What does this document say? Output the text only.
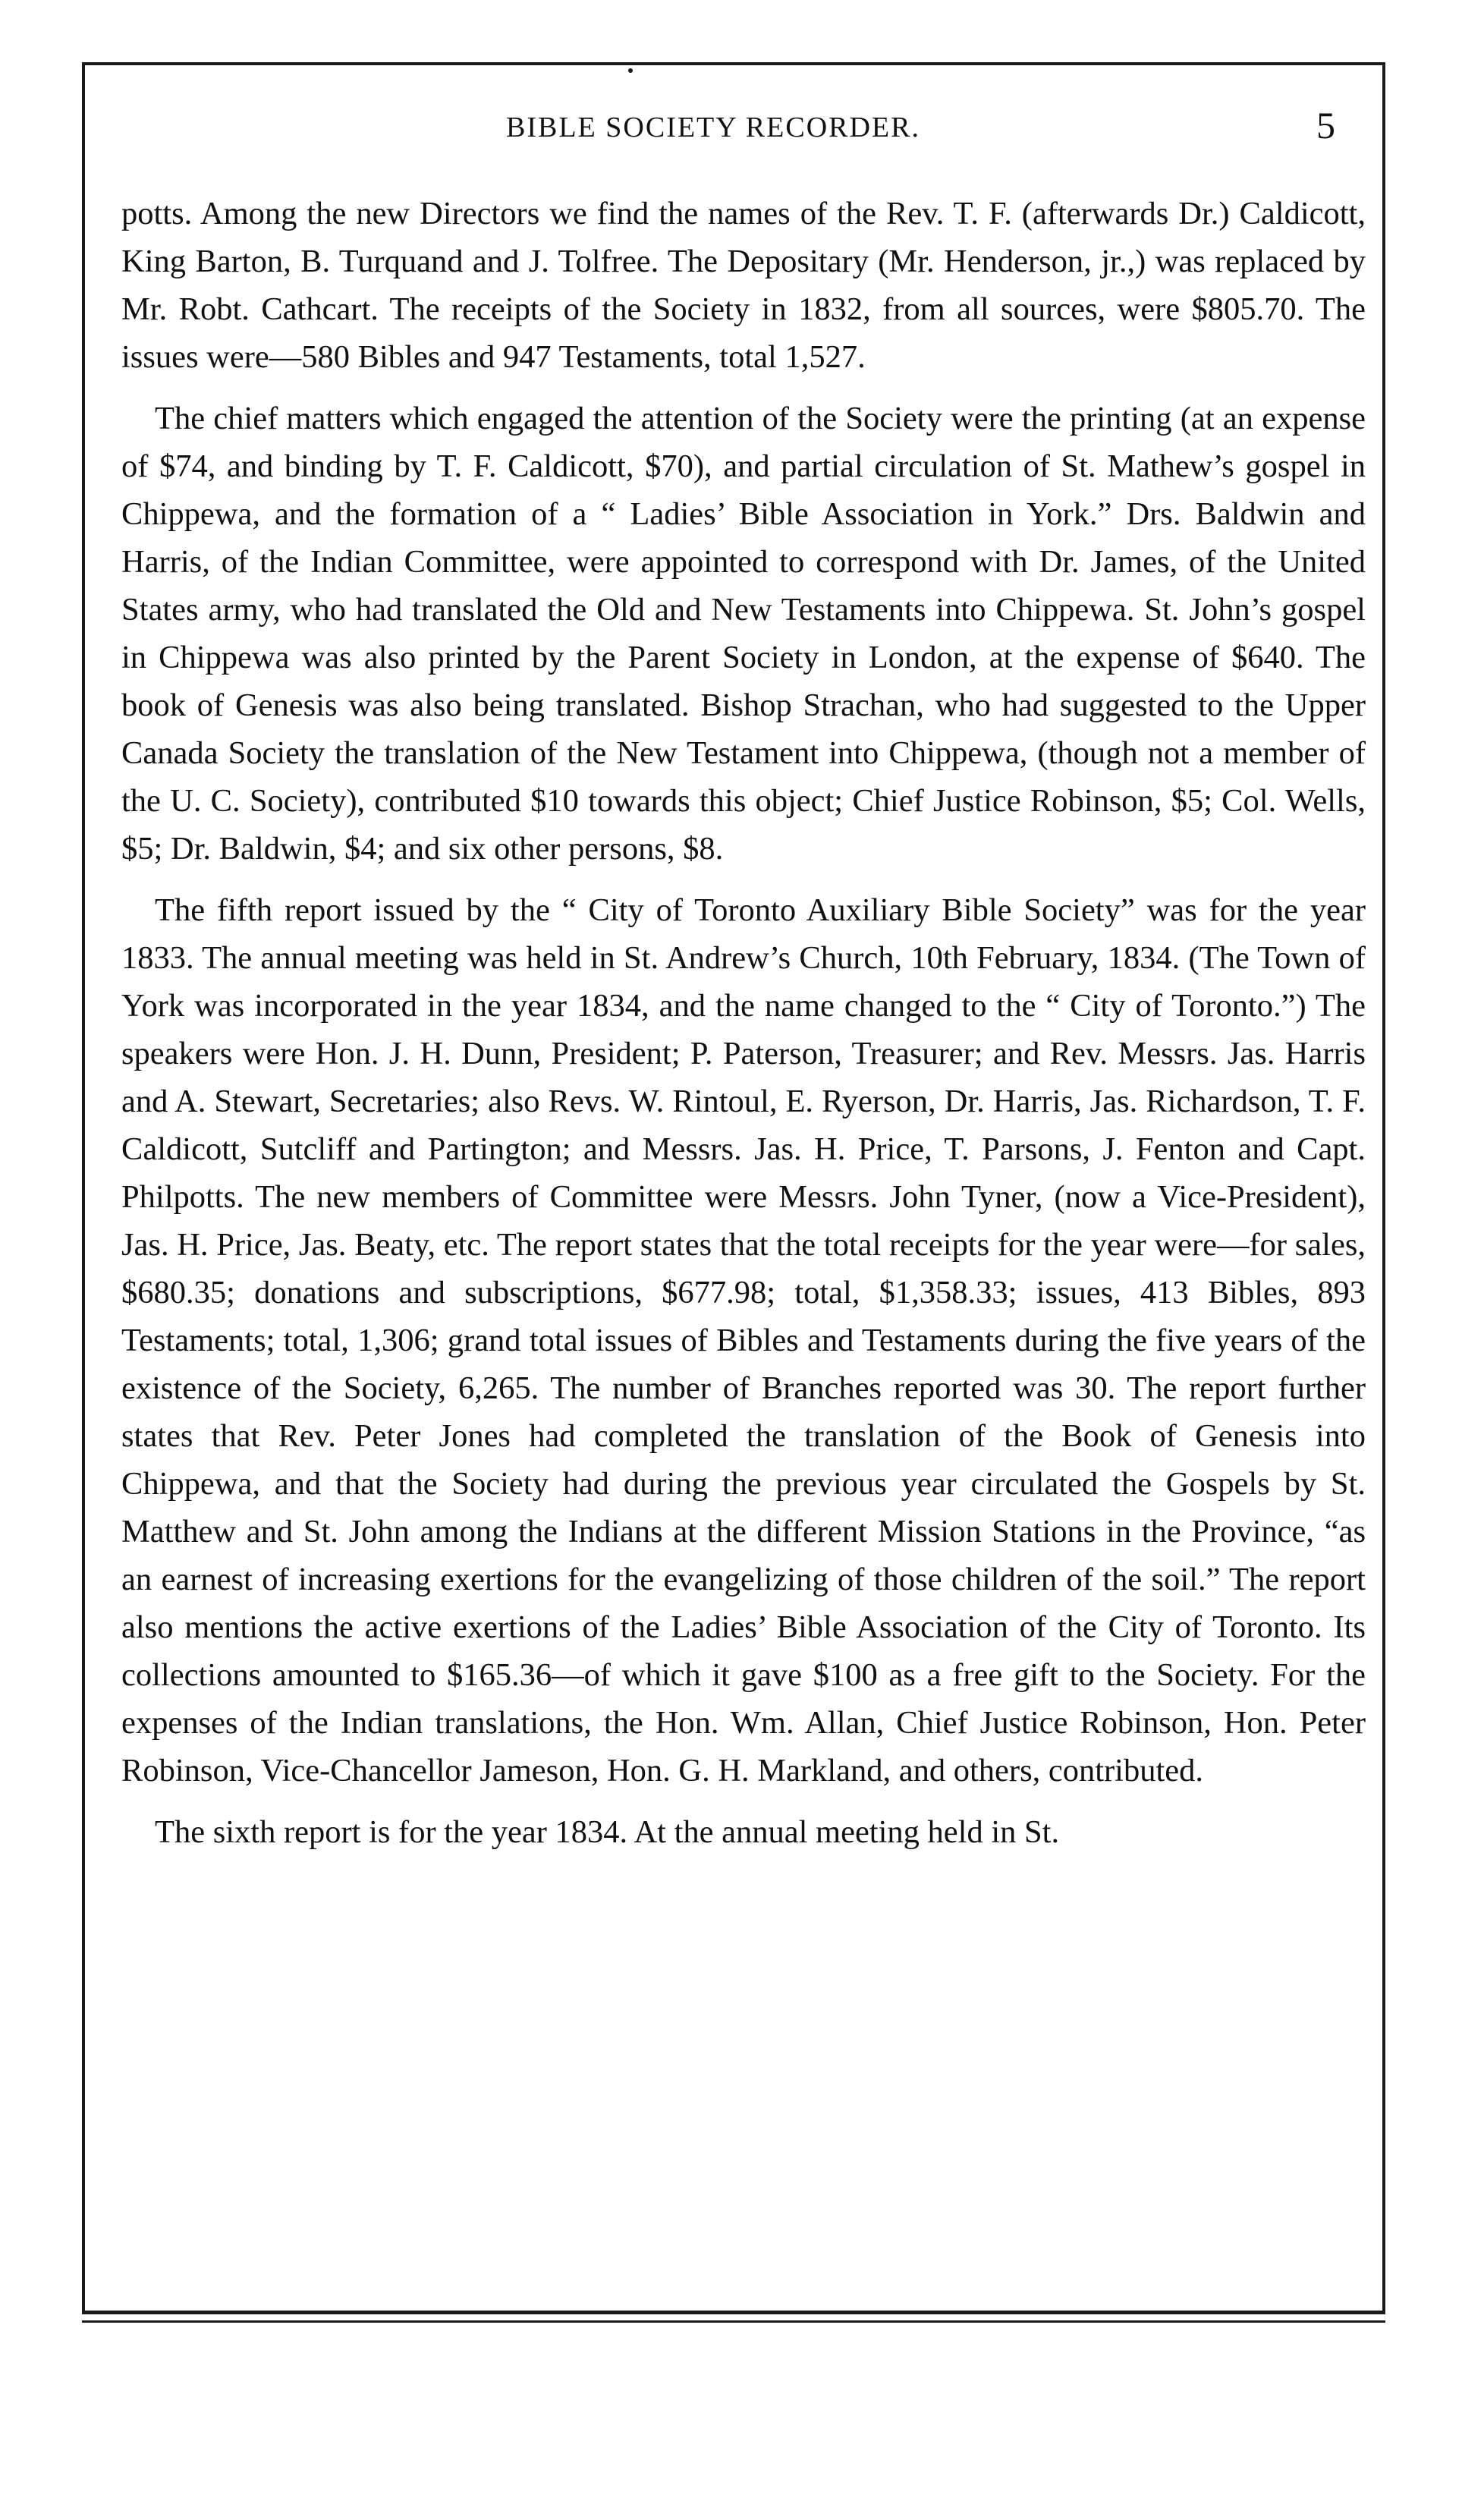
BIBLE SOCIETY RECORDER.	5

potts. Among the new Directors we find the names of the Rev. T. F. (afterwards Dr.) Caldicott, King Barton, B. Turquand and J. Tolfree. The Depositary (Mr. Henderson, jr.,) was replaced by Mr. Robt. Cathcart. The receipts of the Society in 1832, from all sources, were $805.70. The issues were—580 Bibles and 947 Testaments, total 1,527.

The chief matters which engaged the attention of the Society were the printing (at an expense of $74, and binding by T. F. Caldicott, $70), and partial circulation of St. Mathew’s gospel in Chippewa, and the formation of a “ Ladies’ Bible Association in York.” Drs. Baldwin and Harris, of the Indian Committee, were appointed to correspond with Dr. James, of the United States army, who had translated the Old and New Testaments into Chippewa. St. John’s gospel in Chippewa was also printed by the Parent Society in London, at the expense of $640. The book of Genesis was also being translated. Bishop Strachan, who had suggested to the Upper Canada Society the translation of the New Testament into Chippewa, (though not a member of the U. C. Society), contributed $10 towards this object; Chief Justice Robinson, $5; Col. Wells, $5; Dr. Baldwin, $4; and six other persons, $8.

The fifth report issued by the “ City of Toronto Auxiliary Bible Society” was for the year 1833. The annual meeting was held in St. Andrew’s Church, 10th February, 1834. (The Town of York was incorporated in the year 1834, and the name changed to the “ City of Toronto.”) The speakers were Hon. J. H. Dunn, President; P. Paterson, Treasurer; and Rev. Messrs. Jas. Harris and A. Stewart, Secretaries; also Revs. W. Rintoul, E. Ryerson, Dr. Harris, Jas. Richardson, T. F. Caldicott, Sutcliff and Partington; and Messrs. Jas. H. Price, T. Parsons, J. Fenton and Capt. Philpotts. The new members of Committee were Messrs. John Tyner, (now a Vice-President), Jas. H. Price, Jas. Beaty, etc. The report states that the total receipts for the year were—for sales, $680.35; donations and subscriptions, $677.98; total, $1,358.33; issues, 413 Bibles, 893 Testaments; total, 1,306; grand total issues of Bibles and Testaments during the five years of the existence of the Society, 6,265. The number of Branches reported was 30. The report further states that Rev. Peter Jones had completed the translation of the Book of Genesis into Chippewa, and that the Society had during the previous year circulated the Gospels by St. Matthew and St. John among the Indians at the different Mission Stations in the Province, “as an earnest of increasing exertions for the evangelizing of those children of the soil.” The report also mentions the active exertions of the Ladies’ Bible Association of the City of Toronto. Its collections amounted to $165.36—of which it gave $100 as a free gift to the Society. For the expenses of the Indian translations, the Hon. Wm. Allan, Chief Justice Robinson, Hon. Peter Robinson, Vice-Chancellor Jameson, Hon. G. H. Markland, and others, contributed.

The sixth report is for the year 1834. At the annual meeting held in St.
